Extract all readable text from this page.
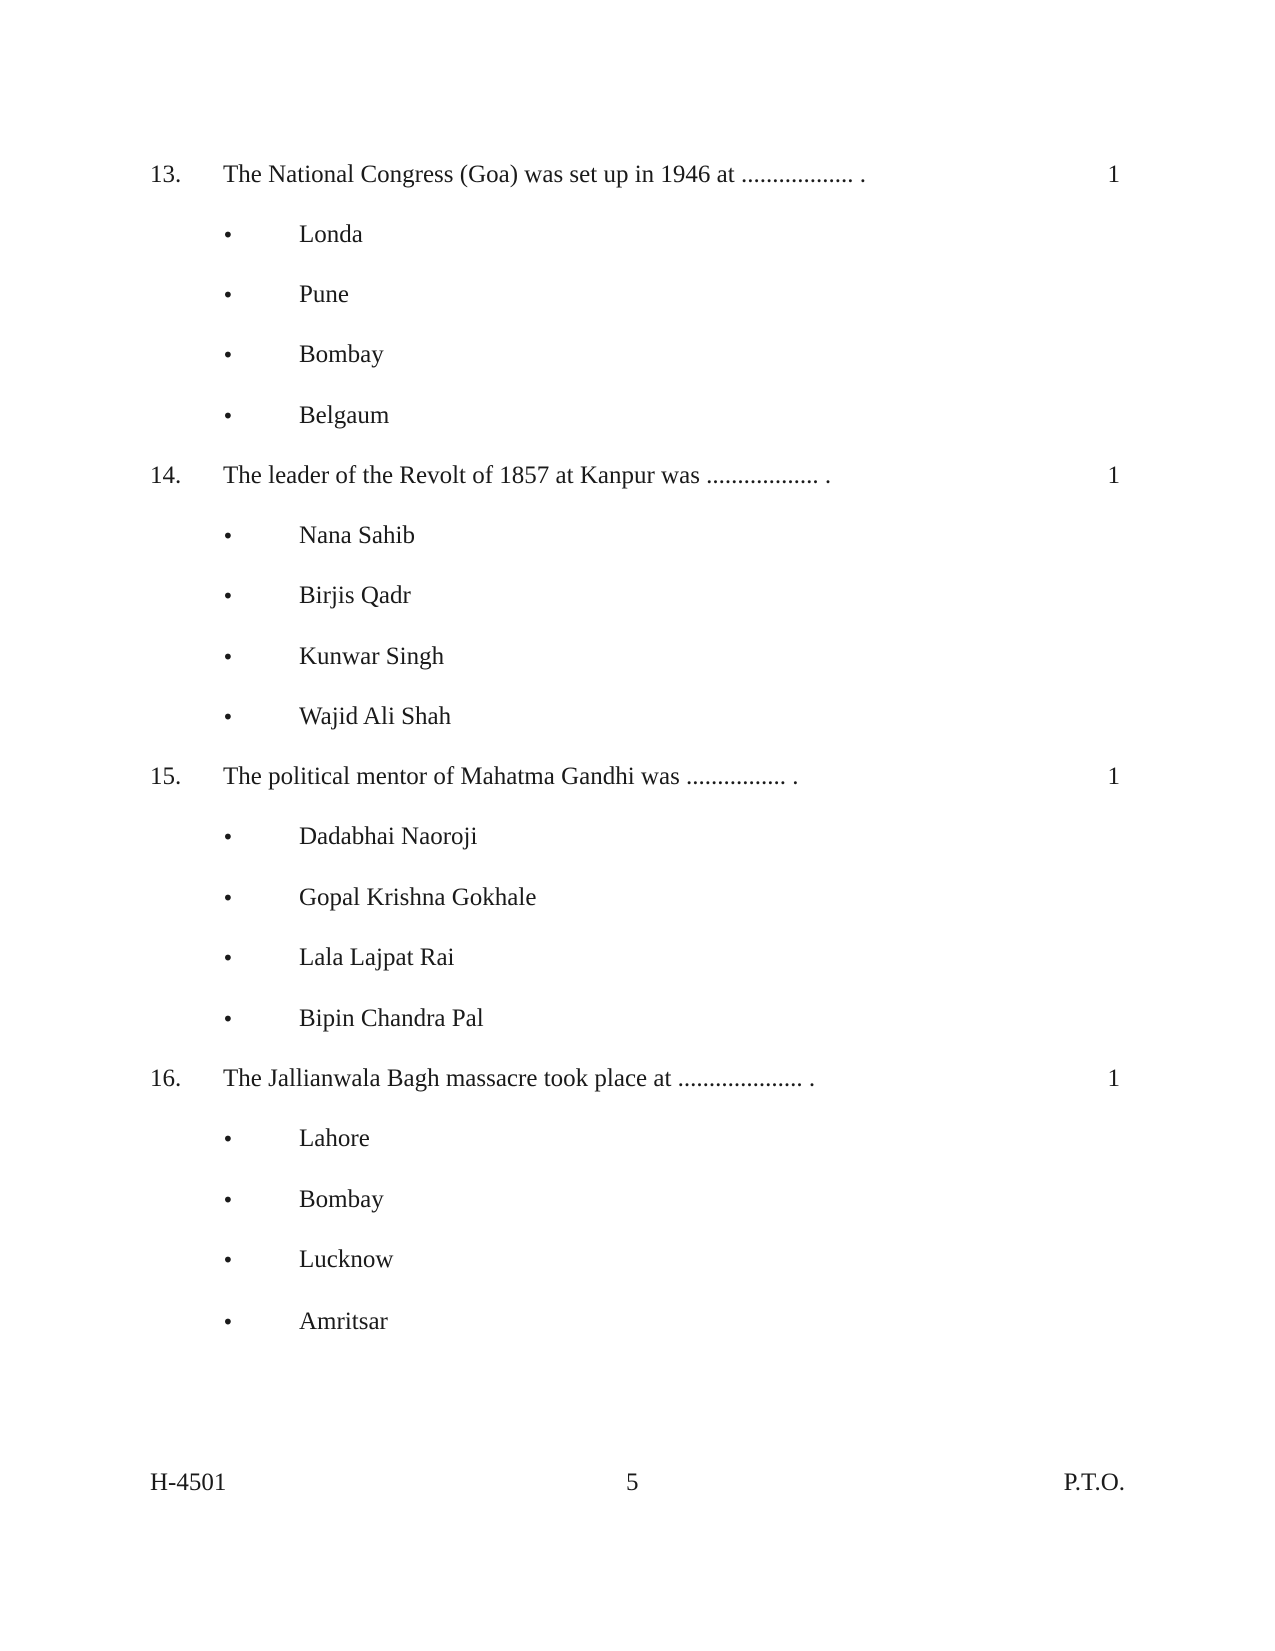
13. The National Congress (Goa) was set up in 1946 at .................. .	1
•	Londa
•	Pune
•	Bombay
•	Belgaum
14. The leader of the Revolt of 1857 at Kanpur was .................. .	1
•	Nana Sahib
•	Birjis Qadr
•	Kunwar Singh
•	Wajid Ali Shah
15. The political mentor of Mahatma Gandhi was ................ .	1
•	Dadabhai Naoroji
•	Gopal Krishna Gokhale
•	Lala Lajpat Rai
•	Bipin Chandra Pal
16. The Jallianwala Bagh massacre took place at .................... .	1
•	Lahore
•	Bombay
•	Lucknow
•	Amritsar
H-4501	5	P.T.O.
